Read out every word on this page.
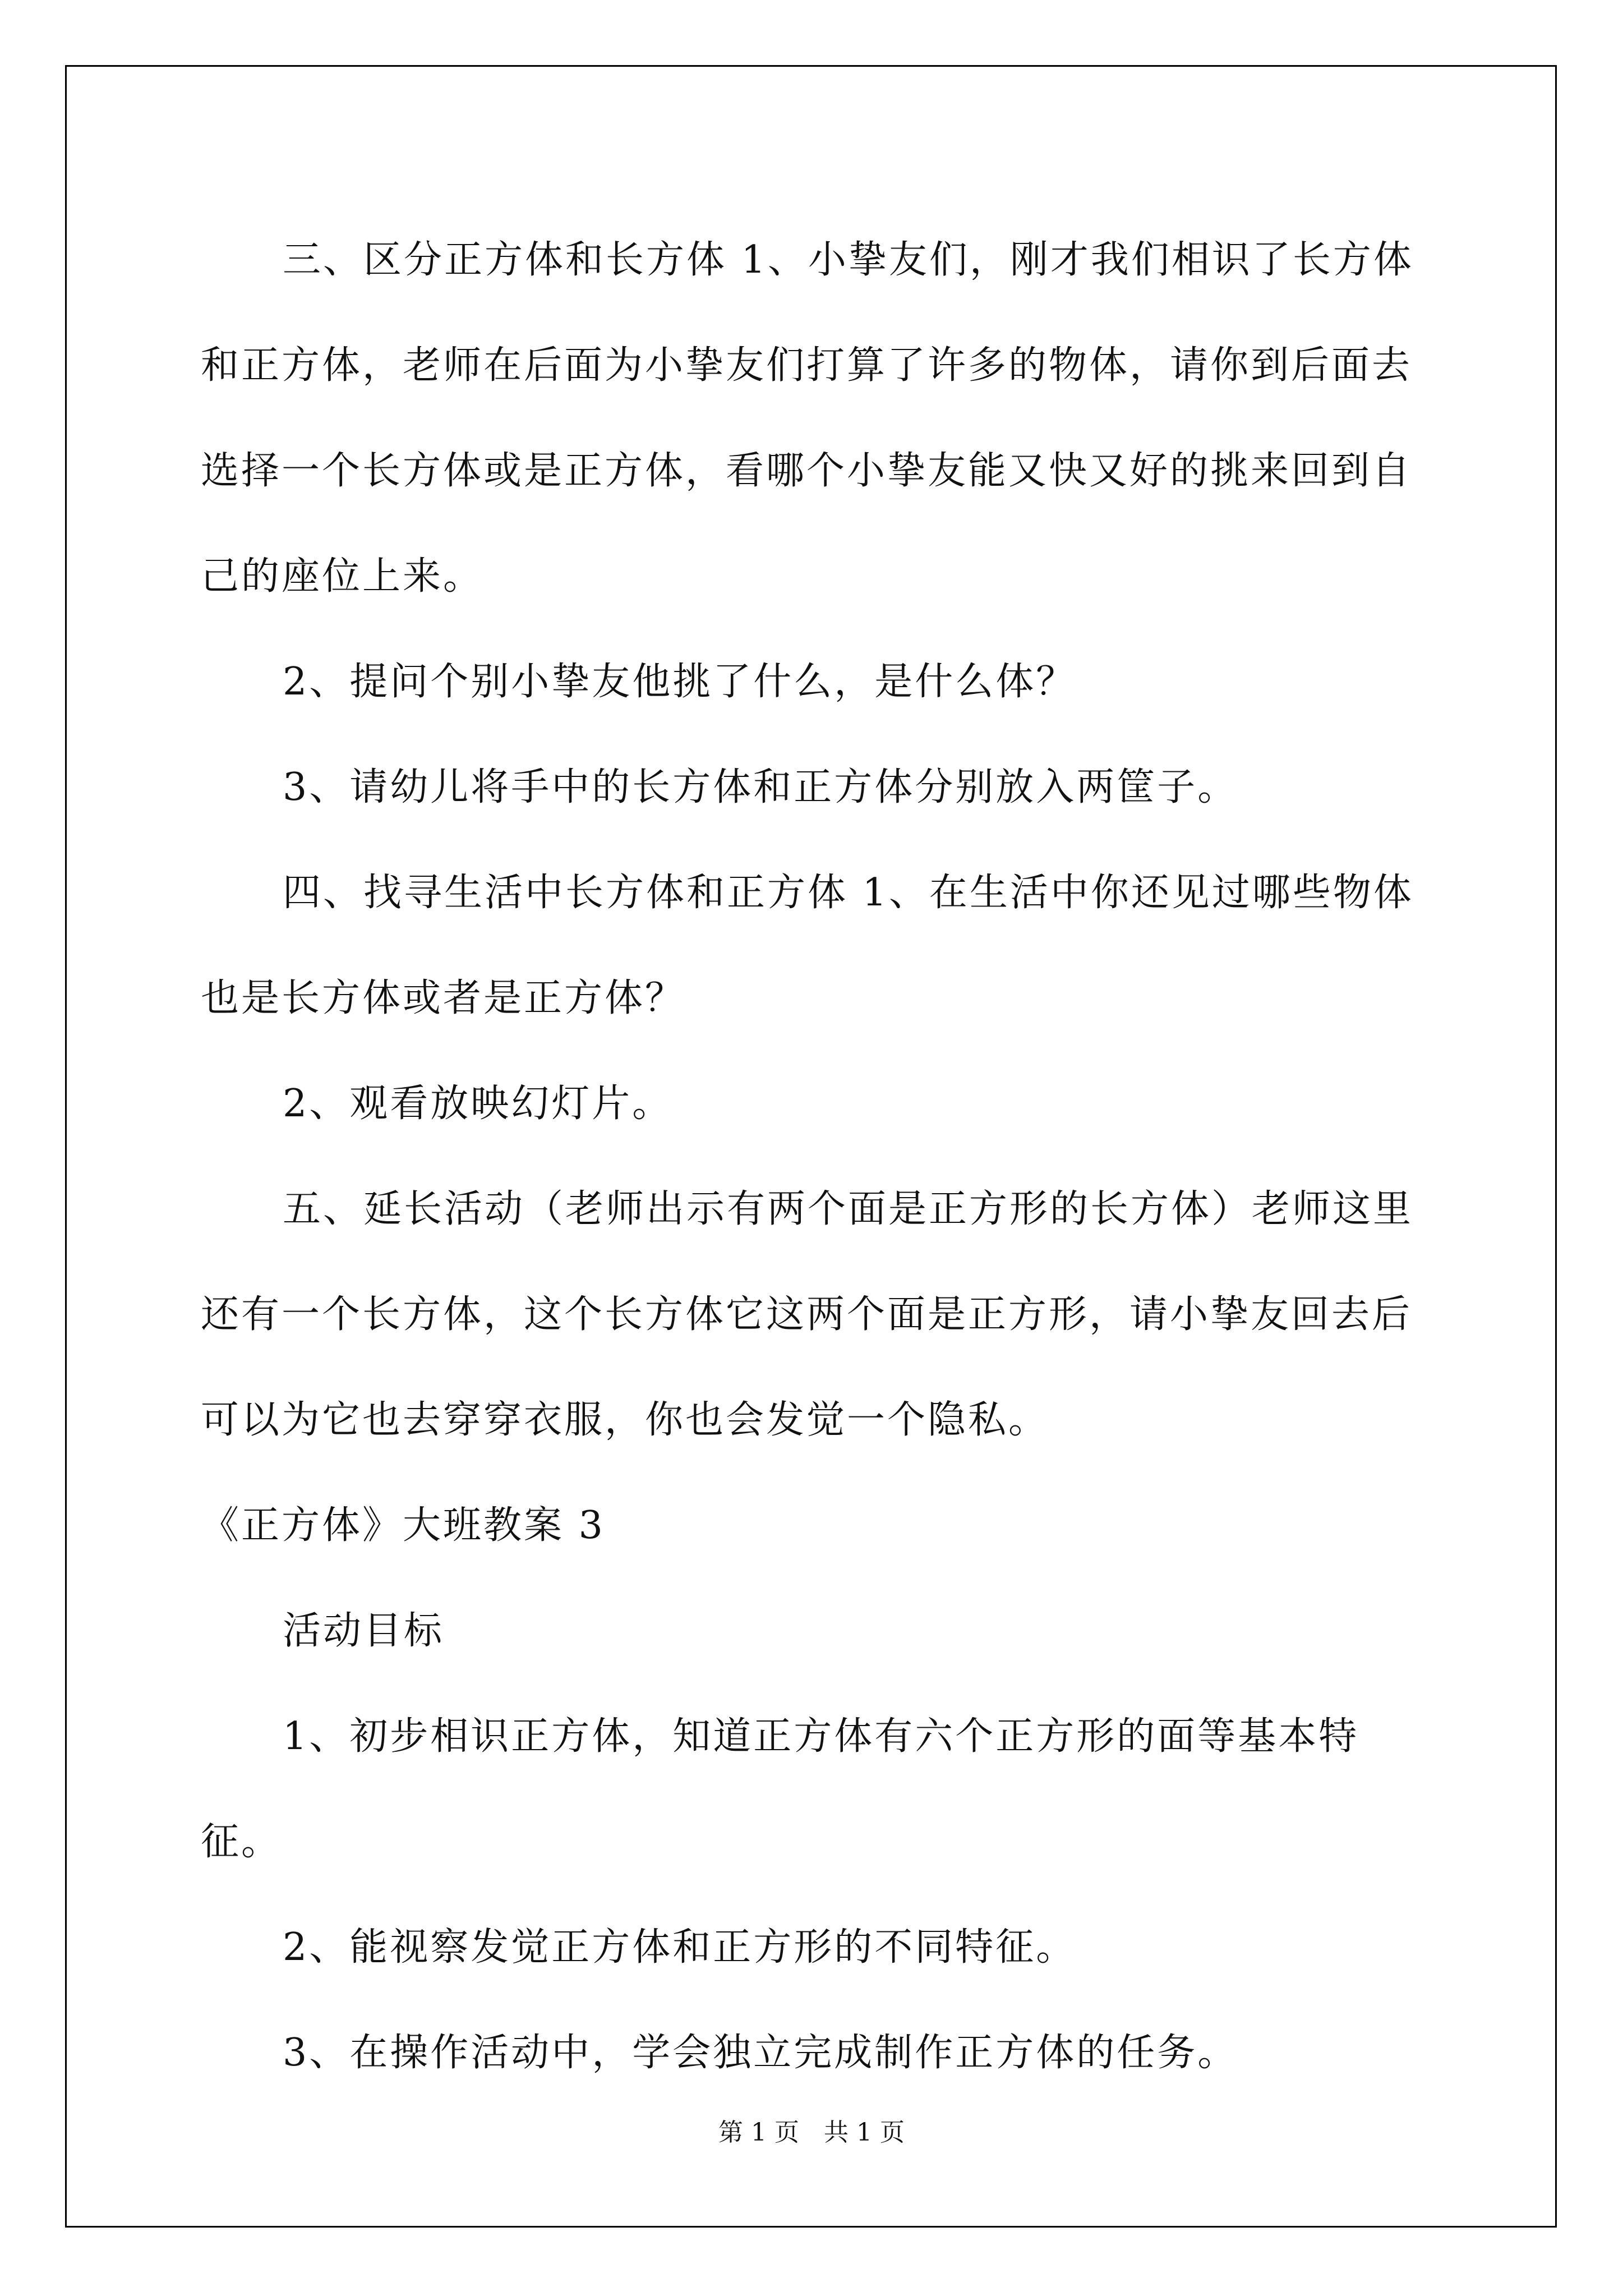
三、区分正方体和长方体 1、小挚友们，刚才我们相识了长方体
和正方体，老师在后面为小挚友们打算了许多的物体，请你到后面去
选择一个长方体或是正方体，看哪个小挚友能又快又好的挑来回到自
己的座位上来。

2、提问个别小挚友他挑了什么，是什么体？

3、请幼儿将手中的长方体和正方体分别放入两筐子。

四、找寻生活中长方体和正方体 1、在生活中你还见过哪些物体
也是长方体或者是正方体？

2、观看放映幻灯片。

五、延长活动（老师出示有两个面是正方形的长方体）老师这里
还有一个长方体，这个长方体它这两个面是正方形，请小挚友回去后
可以为它也去穿穿衣服，你也会发觉一个隐私。

《正方体》大班教案 3

活动目标

1、初步相识正方体，知道正方体有六个正方形的面等基本特征。

2、能视察发觉正方体和正方形的不同特征。

3、在操作活动中，学会独立完成制作正方体的任务。

第 1 页　共 1 页
